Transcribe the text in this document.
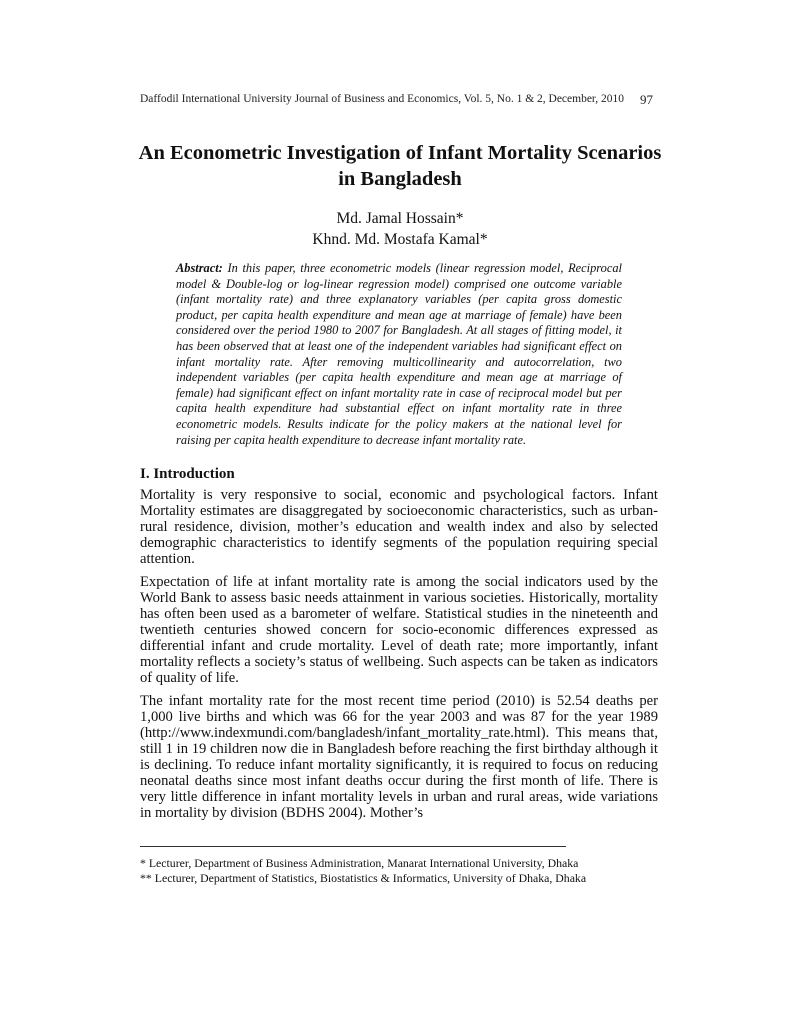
Daffodil International University Journal of Business and Economics, Vol. 5, No. 1 & 2, December, 2010	97
An Econometric Investigation of Infant Mortality Scenarios
in Bangladesh
Md. Jamal Hossain*
Khnd. Md. Mostafa Kamal*
Abstract: In this paper, three econometric models (linear regression model, Reciprocal model & Double-log or log-linear regression model) comprised one outcome variable (infant mortality rate) and three explanatory variables (per capita gross domestic product, per capita health expenditure and mean age at marriage of female) have been considered over the period 1980 to 2007 for Bangladesh. At all stages of fitting model, it has been observed that at least one of the independent variables had significant effect on infant mortality rate. After removing multicollinearity and autocorrelation, two independent variables (per capita health expenditure and mean age at marriage of female) had significant effect on infant mortality rate in case of reciprocal model but per capita health expenditure had substantial effect on infant mortality rate in three econometric models. Results indicate for the policy makers at the national level for raising per capita health expenditure to decrease infant mortality rate.
I. Introduction

Mortality is very responsive to social, economic and psychological factors. Infant Mortality estimates are disaggregated by socioeconomic characteristics, such as urban-rural residence, division, mother’s education and wealth index and also by selected demographic characteristics to identify segments of the population requiring special attention.

Expectation of life at infant mortality rate is among the social indicators used by the World Bank to assess basic needs attainment in various societies. Historically, mortality has often been used as a barometer of welfare. Statistical studies in the nineteenth and twentieth centuries showed concern for socio-economic differences expressed as differential infant and crude mortality. Level of death rate; more importantly, infant mortality reflects a society’s status of wellbeing. Such aspects can be taken as indicators of quality of life.

The infant mortality rate for the most recent time period (2010) is 52.54 deaths per 1,000 live births and which was 66 for the year 2003 and was 87 for the year 1989 (http://www.indexmundi.com/bangladesh/infant_mortality_rate.html). This means that, still 1 in 19 children now die in Bangladesh before reaching the first birthday although it is declining. To reduce infant mortality significantly, it is required to focus on reducing neonatal deaths since most infant deaths occur during the first month of life. There is very little difference in infant mortality levels in urban and rural areas, wide variations in mortality by division (BDHS 2004). Mother’s

* Lecturer, Department of Business Administration, Manarat International University, Dhaka
** Lecturer, Department of Statistics, Biostatistics & Informatics, University of Dhaka, Dhaka
